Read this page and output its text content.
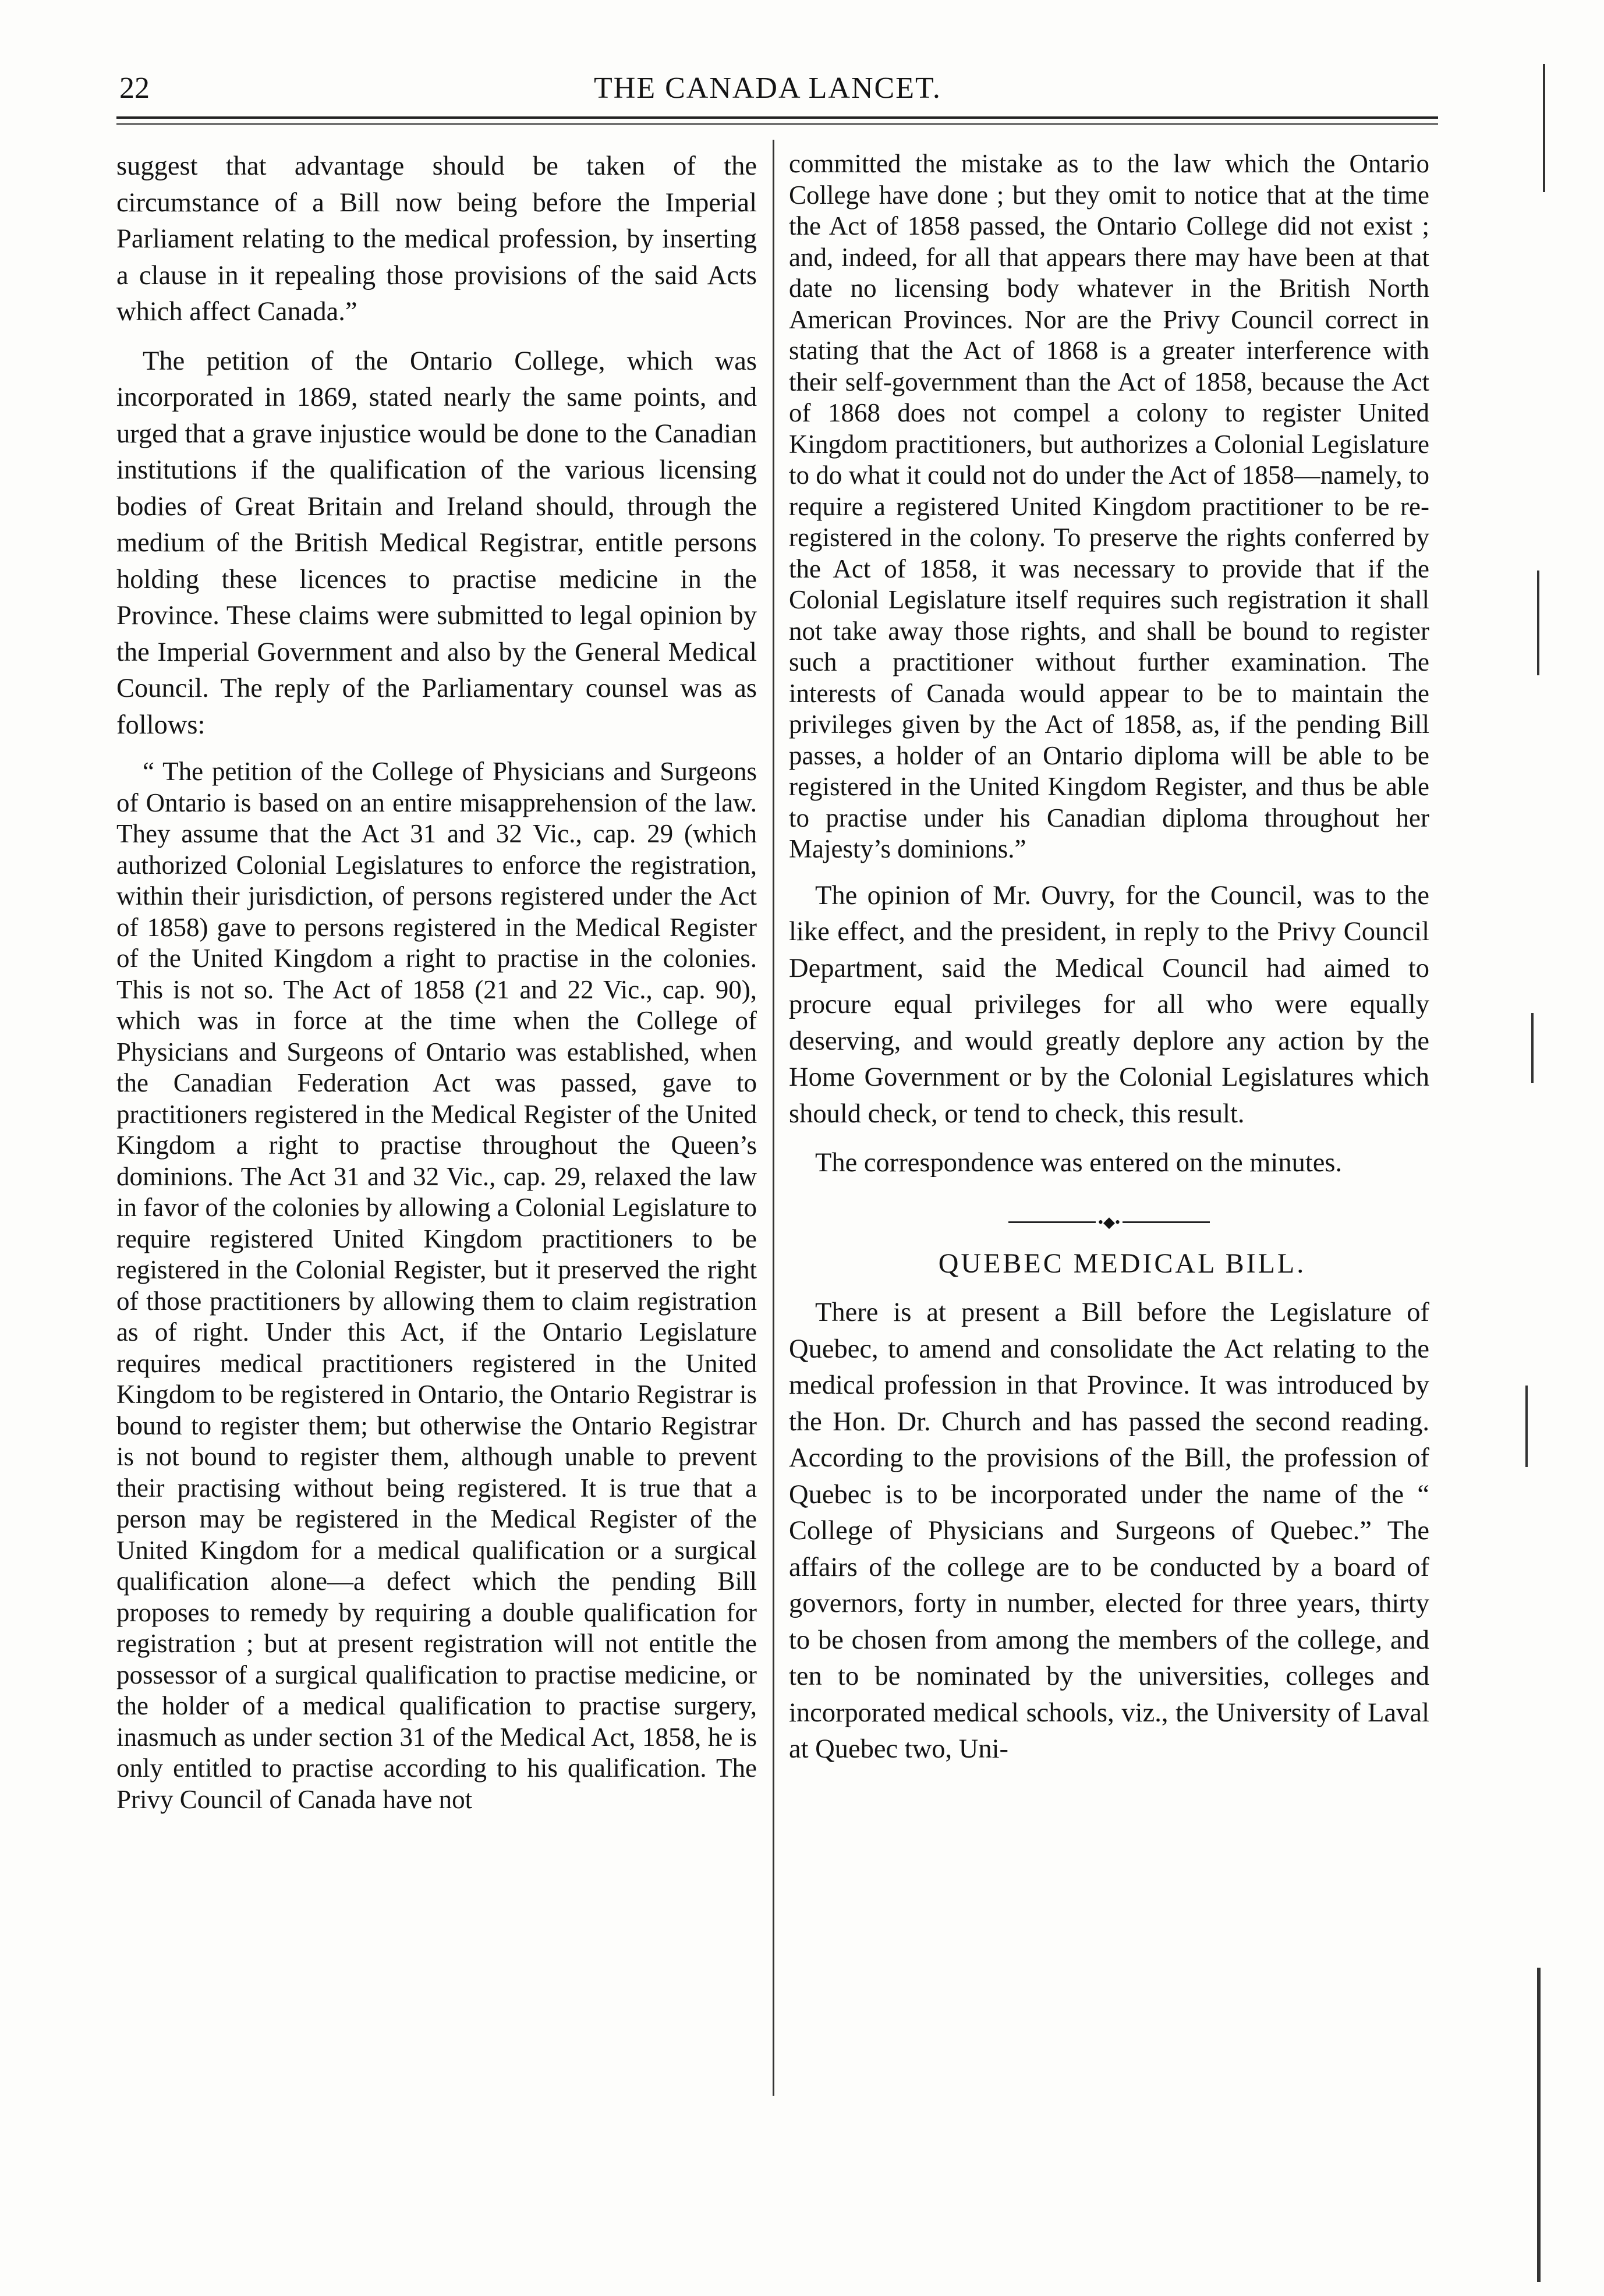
22	THE CANADA LANCET.

suggest that advantage should be taken of the circumstance of a Bill now being before the Imperial Parliament relating to the medical profession, by inserting a clause in it repealing those provisions of the said Acts which affect Canada.”

The petition of the Ontario College, which was incorporated in 1869, stated nearly the same points, and urged that a grave injustice would be done to the Canadian institutions if the qualification of the various licensing bodies of Great Britain and Ireland should, through the medium of the British Medical Registrar, entitle persons holding these licences to practise medicine in the Province. These claims were submitted to legal opinion by the Imperial Government and also by the General Medical Council. The reply of the Parliamentary counsel was as follows:

“ The petition of the College of Physicians and Surgeons of Ontario is based on an entire misapprehension of the law. They assume that the Act 31 and 32 Vic., cap. 29 (which authorized Colonial Legislatures to enforce the registration, within their jurisdiction, of persons registered under the Act of 1858) gave to persons registered in the Medical Register of the United Kingdom a right to practise in the colonies. This is not so. The Act of 1858 (21 and 22 Vic., cap. 90), which was in force at the time when the College of Physicians and Surgeons of Ontario was established, when the Canadian Federation Act was passed, gave to practitioners registered in the Medical Register of the United Kingdom a right to practise throughout the Queen’s dominions. The Act 31 and 32 Vic., cap. 29, relaxed the law in favor of the colonies by allowing a Colonial Legislature to require registered United Kingdom practitioners to be registered in the Colonial Register, but it preserved the right of those practitioners by allowing them to claim registration as of right. Under this Act, if the Ontario Legislature requires medical practitioners registered in the United Kingdom to be registered in Ontario, the Ontario Registrar is bound to register them; but otherwise the Ontario Registrar is not bound to register them, although unable to prevent their practising without being registered. It is true that a person may be registered in the Medical Register of the United Kingdom for a medical qualification or a surgical qualification alone—a defect which the pending Bill proposes to remedy by requiring a double qualification for registration ; but at present registration will not entitle the possessor of a surgical qualification to practise medicine, or the holder of a medical qualification to practise surgery, inasmuch as under section 31 of the Medical Act, 1858, he is only entitled to practise according to his qualification. The Privy Council of Canada have not

committed the mistake as to the law which the Ontario College have done ; but they omit to notice that at the time the Act of 1858 passed, the Ontario College did not exist ; and, indeed, for all that appears there may have been at that date no licensing body whatever in the British North American Provinces. Nor are the Privy Council correct in stating that the Act of 1868 is a greater interference with their self-government than the Act of 1858, because the Act of 1868 does not compel a colony to register United Kingdom practitioners, but authorizes a Colonial Legislature to do what it could not do under the Act of 1858—namely, to require a registered United Kingdom practitioner to be re-registered in the colony. To preserve the rights conferred by the Act of 1858, it was necessary to provide that if the Colonial Legislature itself requires such registration it shall not take away those rights, and shall be bound to register such a practitioner without further examination. The interests of Canada would appear to be to maintain the privileges given by the Act of 1858, as, if the pending Bill passes, a holder of an Ontario diploma will be able to be registered in the United Kingdom Register, and thus be able to practise under his Canadian diploma throughout her Majesty’s dominions.”

The opinion of Mr. Ouvry, for the Council, was to the like effect, and the president, in reply to the Privy Council Department, said the Medical Council had aimed to procure equal privileges for all who were equally deserving, and would greatly deplore any action by the Home Government or by the Colonial Legislatures which should check, or tend to check, this result.

The correspondence was entered on the minutes.

•◆•

QUEBEC MEDICAL BILL.

There is at present a Bill before the Legislature of Quebec, to amend and consolidate the Act relating to the medical profession in that Province. It was introduced by the Hon. Dr. Church and has passed the second reading. According to the provisions of the Bill, the profession of Quebec is to be incorporated under the name of the “ College of Physicians and Surgeons of Quebec.” The affairs of the college are to be conducted by a board of governors, forty in number, elected for three years, thirty to be chosen from among the members of the college, and ten to be nominated by the universities, colleges and incorporated medical schools, viz., the University of Laval at Quebec two, Uni-
